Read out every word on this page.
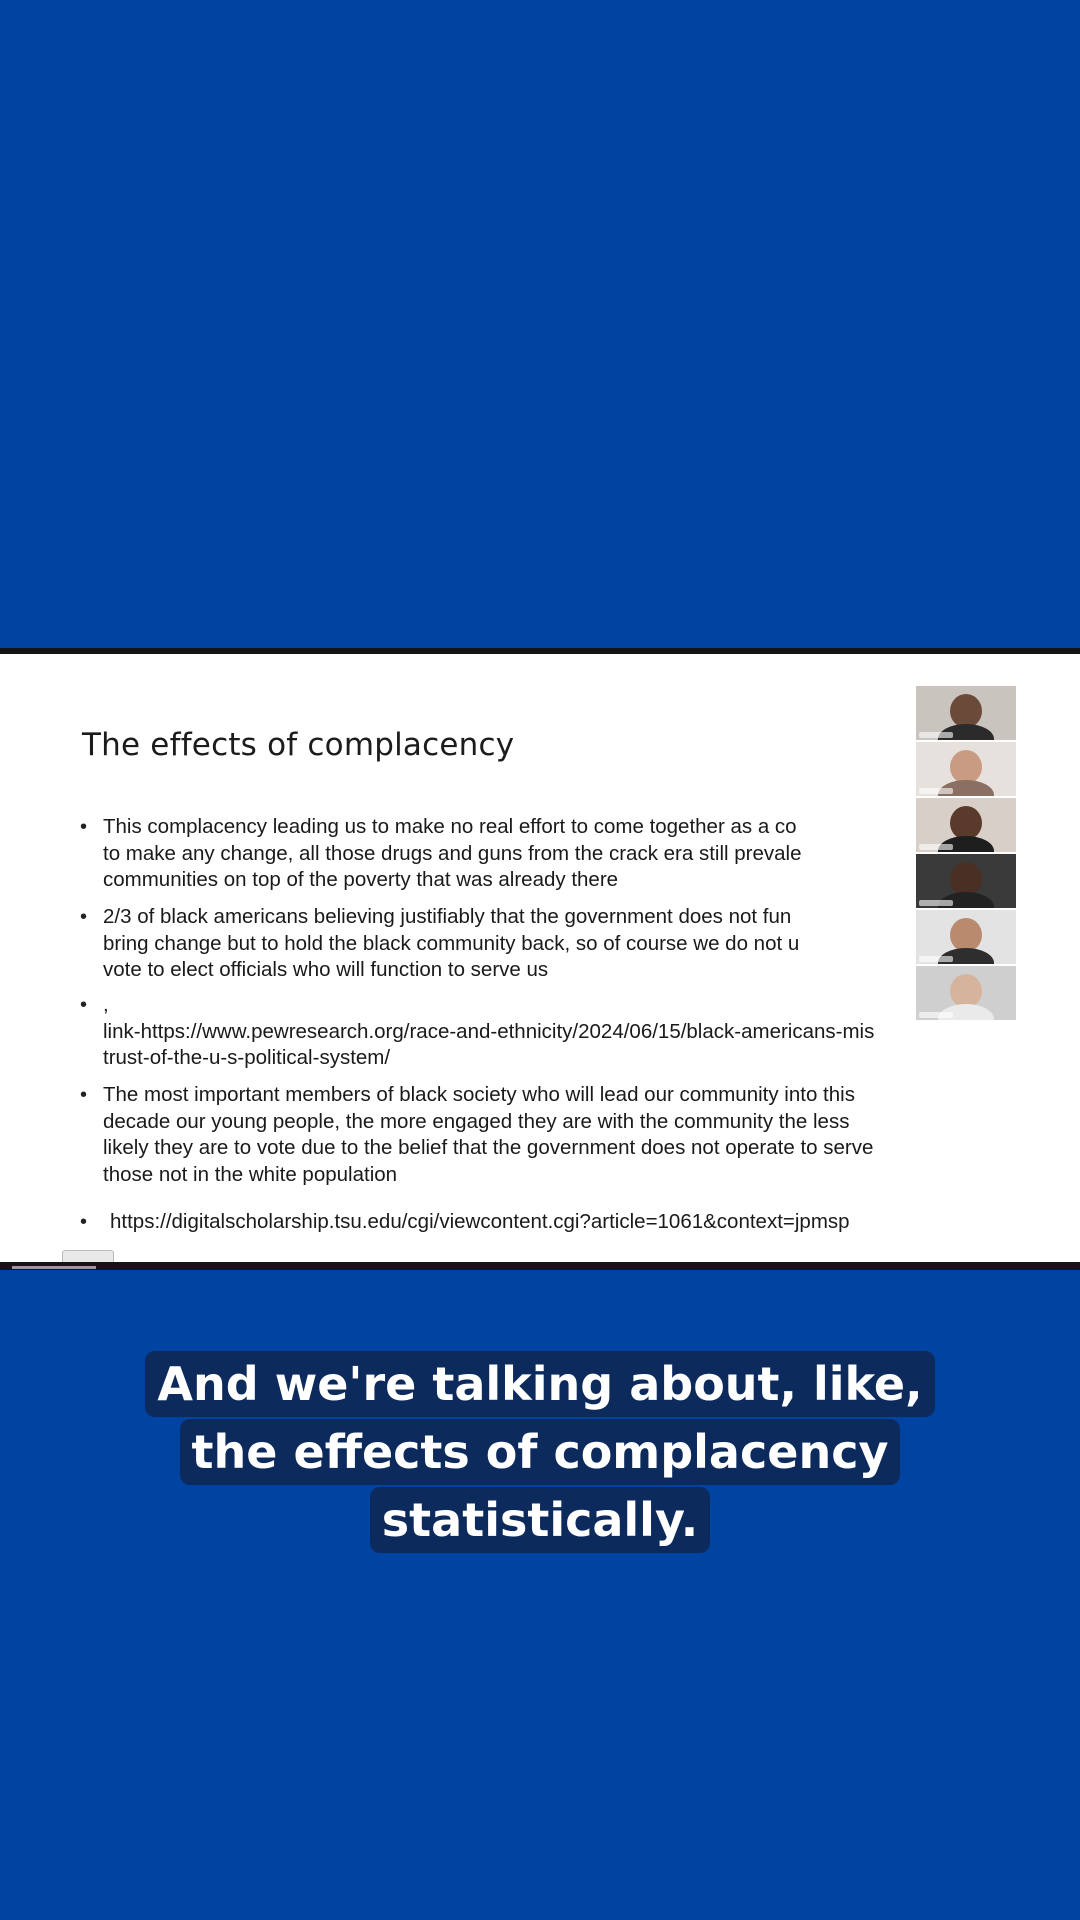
The effects of complacency
• This complacency leading us to make no real effort to come together as a co
to make any change, all those drugs and guns from the crack era still prevale
communities on top of the poverty that was already there
• 2/3 of black americans believing justifiably that the government does not fun
bring change but to hold the black community back, so of course we do not u
vote to elect officials who will function to serve us
• ,
link-https://www.pewresearch.org/race-and-ethnicity/2024/06/15/black-americans-mis
trust-of-the-u-s-political-system/
• The most important members of black society who will lead our community into this
decade our young people, the more engaged they are with the community the less
likely they are to vote due to the belief that the government does not operate to serve
those not in the white population
• https://digitalscholarship.tsu.edu/cgi/viewcontent.cgi?article=1061&context=jpmsp
And we're talking about, like,
the effects of complacency
statistically.
